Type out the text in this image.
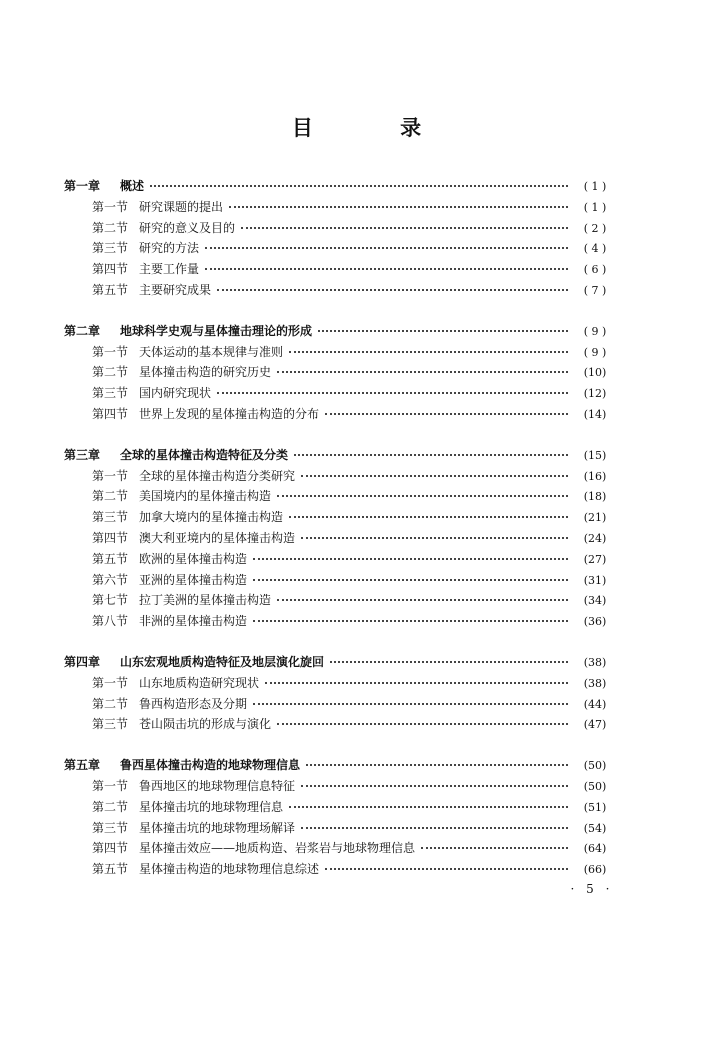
目 录
第一章	概述	( 1 )
第一节 研究课题的提出	( 1 )
第二节 研究的意义及目的	( 2 )
第三节 研究的方法	( 4 )
第四节 主要工作量	( 6 )
第五节 主要研究成果	( 7 )
第二章	地球科学史观与星体撞击理论的形成	( 9 )
第一节 天体运动的基本规律与准则	( 9 )
第二节 星体撞击构造的研究历史	(10)
第三节 国内研究现状	(12)
第四节 世界上发现的星体撞击构造的分布	(14)
第三章	全球的星体撞击构造特征及分类	(15)
第一节 全球的星体撞击构造分类研究	(16)
第二节 美国境内的星体撞击构造	(18)
第三节 加拿大境内的星体撞击构造	(21)
第四节 澳大利亚境内的星体撞击构造	(24)
第五节 欧洲的星体撞击构造	(27)
第六节 亚洲的星体撞击构造	(31)
第七节 拉丁美洲的星体撞击构造	(34)
第八节 非洲的星体撞击构造	(36)
第四章	山东宏观地质构造特征及地层演化旋回	(38)
第一节 山东地质构造研究现状	(38)
第二节 鲁西构造形态及分期	(44)
第三节 苍山陨击坑的形成与演化	(47)
第五章	鲁西星体撞击构造的地球物理信息	(50)
第一节 鲁西地区的地球物理信息特征	(50)
第二节 星体撞击坑的地球物理信息	(51)
第三节 星体撞击坑的地球物理场解译	(54)
第四节 星体撞击效应——地质构造、岩浆岩与地球物理信息	(64)
第五节 星体撞击构造的地球物理信息综述	(66)
· 5 ·
